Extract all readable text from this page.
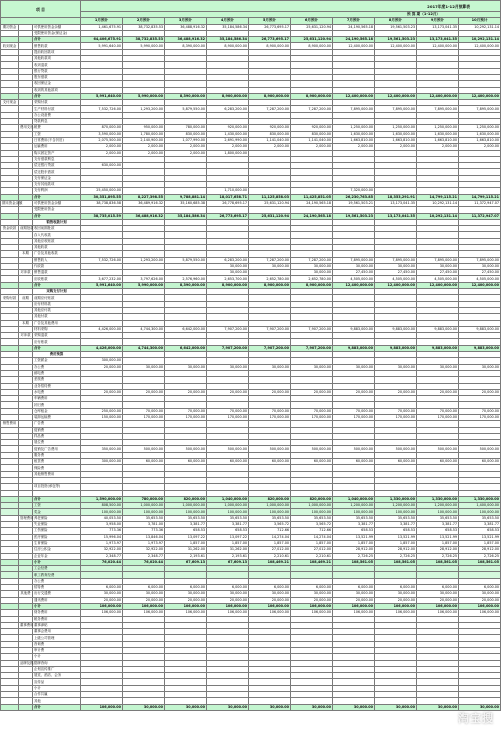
项 目			2017年度1-12月预算表									
			预 算 期（1-12月）									
			1月预计	2月预计	3月预计	4月预计	5月预计	6月预计	7月预计	8月预计	9月预计	10月预计
期初资金		可供使用资金余额	1,461,675.91	38,732,835.53	36,488,916.32	35,184,586.34	26,773,695.17	25,631,120.94	24,190,565.18	19,561,503.23	13,173,041.35	10,292,131.14
		受限使用资金(保证金)										
		合计	64,406,675.91	38,732,835.53	36,488,916.32	35,184,586.34	26,773,695.17	25,631,120.94	24,190,565.18	19,561,503.23	13,173,041.35	10,292,131.14
收到现金		销售收款	5,991,640.00	5,990,000.00	8,390,000.00	8,900,000.00	8,900,000.00	8,900,000.00	12,400,000.00	12,400,000.00	12,400,000.00	12,400,000.00
		提前收回款项										
		其他收款项										
		收到退款										
		银行贷款										
		股东借款										
		收回保证金										
		收到的其他款项										
		合计	5,991,640.00	5,990,000.00	8,390,000.00	8,900,000.00	8,900,000.00	8,900,000.00	12,400,000.00	12,400,000.00	12,400,000.00	12,400,000.00
支付现金		采购付款										
		生产材料付款	7,532,726.00	1,293,200.00	5,879,550.00	6,283,200.00	7,287,200.00	7,287,200.00	7,895,000.00	7,895,000.00	7,895,000.00	7,895,000.00
		办公设备费										
		贷款利息										
	费用支出	税费	870,000.00	950,000.00	780,000.00	920,000.00	920,000.00	920,000.00	1,250,000.00	1,250,000.00	1,250,000.00	1,250,000.00
		工资	3,590,000.00	1,780,000.00	830,000.00	1,430,000.00	830,000.00	830,000.00	1,630,000.00	1,630,000.00	1,630,000.00	1,630,000.00
		日常费用(不含折旧)	2,075,500.00	2,140,900.00	1,077,990.00	2,691,990.00	1,141,040.00	1,141,040.00	1,663,810.00	1,663,810.00	1,663,810.00	1,663,810.00
		运输费用	2,000.00	2,000.00	2,000.00	2,000.00	2,000.00	2,000.00	2,000.00	2,000.00	2,000.00	2,000.00
		购买固定资产	2,000.00	2,000.00	2,000.00	1,800,000.00						
		支付借款利息										
		偿还银行贷款	630,000.00									
		偿还股东借款										
		支付保证金										
		支付其他款项										
		支付利润	25,450,000.00			1,710,000.00			7,320,000.00			
		合计	30,351,895.55	8,227,398.55	9,788,881.14	18,017,658.71	11,125,858.03	11,425,851.05	26,230,763.85	18,353,291.91	14,799,115.21	14,799,115.21
期末资金余额		可供使用资金余额	38,738,836.58	36,489,916.32	35,160,685.38	26,778,695.17	25,631,120.94	24,190,565.18	19,561,503.21	13,173,041.35	10,292,131.14	11,372,947.07
		受限使用资金										
		合计	38,735,015.59	36,488,916.32	35,184,586.34	26,773,695.17	25,631,120.94	24,190,565.18	19,561,503.23	13,173,041.35	10,292,131.14	11,372,947.07
		销售收款计划										
资金收款	前期批款	收回前期批款										
		存入代收款										
		其他应收账款										
		其他收款										
	本期	广告及其他收款										
		销售收入	7,532,726.00	1,293,200.00	5,879,550.00	6,283,200.00	7,287,200.00	7,287,200.00	7,895,000.00	7,895,000.00	7,895,000.00	7,895,000.00
		代收款				30,000.00	30,000.00	30,000.00	30,000.00	30,000.00	30,000.00	30,000.00
	对冲款	销售退款				30,000.00		30,000.00	27,450.00	27,450.00	27,450.00	27,450.00
		应收账款	3,677,232.00	3,797,626.00	2,576,960.00	2,653,700.00	2,652,780.00	2,652,780.00	4,505,000.00	4,505,000.00	4,505,000.00	4,505,000.00
		合计	5,991,640.00	5,990,000.00	8,390,000.00	8,900,000.00	8,900,000.00	8,900,000.00	12,400,000.00	12,400,000.00	12,400,000.00	12,400,000.00
		采购支付计划										
采购付款	前期	前期应付账款										
		应付材料款										
		其他应付款										
		其他付款										
	本期	广告及其他费用										
		材料采购	4,426,000.00	4,744,300.00	6,642,000.00	7,907,200.00	7,907,200.00	7,907,200.00	9,883,000.00	9,883,000.00	9,883,000.00	9,883,000.00
	对冲款	采购退款										
		应付账款										
		合计	4,426,000.00	4,744,300.00	6,642,000.00	7,907,200.00	7,907,200.00	7,907,200.00	9,883,000.00	9,883,000.00	9,883,000.00	9,883,000.00
		费用预算										
		工资薪金	300,000.00									
		办公费	20,000.00	30,000.00	30,000.00	30,000.00	30,000.00	30,000.00	30,000.00	30,000.00	30,000.00	30,000.00
		邮电费										
		差旅费										
		业务招待费										
		水电费	20,000.00	20,000.00	20,000.00	20,000.00	20,000.00	20,000.00	20,000.00	20,000.00	20,000.00	20,000.00
		车辆费用										
		折旧费										
		仓库租金	250,000.00	70,000.00	70,000.00	70,000.00	70,000.00	70,000.00	70,000.00	70,000.00	70,000.00	70,000.00
		装卸运输费	150,000.00	170,000.00	170,000.00	170,000.00	170,000.00	170,000.00	170,000.00	170,000.00	170,000.00	170,000.00
销售费用		广告费										
		促销费										
		样品费										
		展位费										
		促销及广告费用	350,000.00	500,000.00	500,000.00	500,000.00	500,000.00	500,000.00	500,000.00	500,000.00	500,000.00	500,000.00
		服务费										
		租赁费	300,000.00	60,000.00	60,000.00	60,000.00	60,000.00	60,000.00	60,000.00	60,000.00	60,000.00	60,000.00
		保险费										
		其他销售费用										

		项目投资(承包等)										

		合计	1,590,000.00	780,000.00	820,000.00	1,040,000.00	820,000.00	820,000.00	1,040,000.00	1,330,000.00	1,330,000.00	1,330,000.00
		工资	808,500.00	1,000,000.00	1,000,000.00	1,000,000.00	1,000,000.00	1,000,000.00	1,200,000.00	1,200,000.00	1,200,000.00	1,400,000.00
		奖金	100,000.00	100,000.00	100,000.00	100,000.00	100,000.00	100,000.00	100,000.00	100,000.00	100,000.00	100,000.00
	管理费用	养老保险	40,053.50	35,653.50	35,653.50	35,653.50	35,653.50	35,653.50	35,653.50	35,653.50	35,653.50	35,653.50
		失业保险	3,958.00	3,781.00	3,381.77	3,381.77	3,565.72	3,565.72	3,381.77	3,381.77	3,381.77	3,381.77
		工伤保险	773.36	773.36	658.53	658.53	712.66	712.66	658.53	658.53	658.53	658.53
		医疗保险	15,996.04	13,846.04	13,097.22	13,097.22	14,274.04	14,274.04	13,521.99	13,521.99	13,521.99	13,521.99
		生育保险	1,973.97	1,973.97	1,857.00	1,857.00	1,857.00	1,857.00	1,857.00	1,857.00	1,857.00	1,857.00
		住房公积金	32,922.00	32,922.00	31,262.00	31,262.00	27,012.00	27,012.00	28,912.00	28,912.00	28,912.00	28,912.00
		企业年金	2,348.77	2,348.77	2,193.61	2,193.61	2,210.61	2,210.61	2,726.25	2,726.25	2,726.25	2,726.25
		小计	76,020.44	76,020.44	67,609.13	67,609.13	108,469.21	108,469.21	108,561.05	108,561.05	108,561.05	108,561.05
		工会经费										
		职工教育经费										
		办公费										
		招待费	6,000.00	6,000.00	6,000.00	6,000.00	6,000.00	6,000.00	6,000.00	6,000.00	6,000.00	6,000.00
	其他费	出行交通费	30,000.00	30,000.00	30,000.00	30,000.00	30,000.00	30,000.00	30,000.00	30,000.00	30,000.00	30,000.00
		通讯费用	20,000.00	20,000.00	20,000.00	20,000.00	20,000.00	20,000.00	20,000.00	20,000.00	20,000.00	20,000.00
		小计	106,000.00	106,000.00	106,000.00	106,000.00	106,000.00	106,000.00	106,000.00	106,000.00	106,000.00	106,000.00
		财务费用	106,000.00	106,000.00	106,000.00	106,000.00	106,000.00	106,000.00	106,000.00	106,000.00	106,000.00	106,000.00
		税务费用										
	董事费用	董事津贴										
		董事会费用										
		上级公司管理										
		咨询费										
		审计费										
		小计										
	品牌及推广	品牌咨询										
		企划宣传推广										
		展览、酒店、会务										
		宣传品										
		小计										
		合作共赢										
		其他										
		合计	106,000.00	30,000.00	30,000.00	30,000.00	30,000.00	30,000.00	30,000.00	30,000.00	30,000.00	30,000.00
淘宝搜
